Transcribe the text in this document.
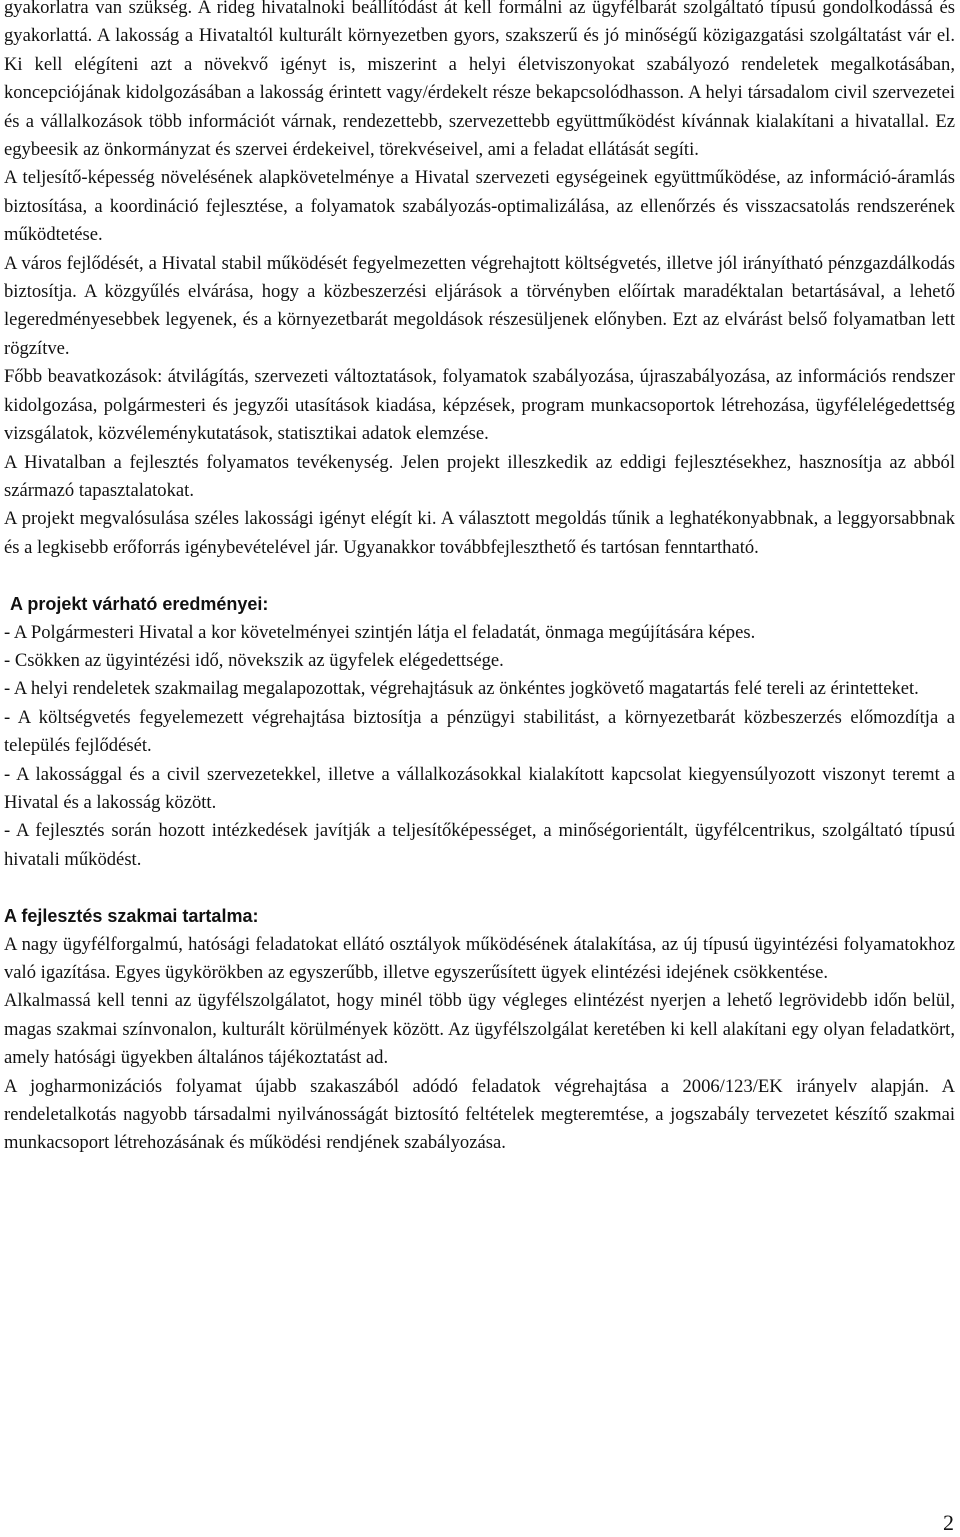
gyakorlatra van szükség. A rideg hivatalnoki beállítódást át kell formálni az ügyfélbarát szolgáltató típusú gondolkodássá és gyakorlattá. A lakosság a Hivataltól kulturált környezetben gyors, szakszerű és jó minőségű közigazgatási szolgáltatást vár el. Ki kell elégíteni azt a növekvő igényt is, miszerint a helyi életviszonyokat szabályozó rendeletek megalkotásában, koncepciójának kidolgozásában a lakosság érintett vagy/érdekelt része bekapcsolódhasson. A helyi társadalom civil szervezetei és a vállalkozások több információt várnak, rendezettebb, szervezettebb együttműködést kívánnak kialakítani a hivatallal. Ez egybeesik az önkormányzat és szervei érdekeivel, törekvéseivel, ami a feladat ellátását segíti.

A teljesítő-képesség növelésének alapkövetelménye a Hivatal szervezeti egységeinek együttműködése, az információ-áramlás biztosítása, a koordináció fejlesztése, a folyamatok szabályozás-optimalizálása, az ellenőrzés és visszacsatolás rendszerének működtetése.

A város fejlődését, a Hivatal stabil működését fegyelmezetten végrehajtott költségvetés, illetve jól irányítható pénzgazdálkodás biztosítja. A közgyűlés elvárása, hogy a közbeszerzési eljárások a törvényben előírtak maradéktalan betartásával, a lehető legeredményesebbek legyenek, és a környezetbarát megoldások részesüljenek előnyben. Ezt az elvárást belső folyamatban lett rögzítve.

Főbb beavatkozások: átvilágítás, szervezeti változtatások, folyamatok szabályozása, újraszabályozása, az információs rendszer kidolgozása, polgármesteri és jegyzői utasítások kiadása, képzések, program munkacsoportok létrehozása, ügyfélelégedettség vizsgálatok, közvéleménykutatások, statisztikai adatok elemzése.

A Hivatalban a fejlesztés folyamatos tevékenység. Jelen projekt illeszkedik az eddigi fejlesztésekhez, hasznosítja az abból származó tapasztalatokat.

A projekt megvalósulása széles lakossági igényt elégít ki. A választott megoldás tűnik a leghatékonyabbnak, a leggyorsabbnak és a legkisebb erőforrás igénybevételével jár. Ugyanakkor továbbfejleszthető és tartósan fenntartható.

A projekt várható eredményei:

- A Polgármesteri Hivatal a kor követelményei szintjén látja el feladatát, önmaga megújítására képes.

- Csökken az ügyintézési idő, növekszik az ügyfelek elégedettsége.

- A helyi rendeletek szakmailag megalapozottak, végrehajtásuk az önkéntes jogkövető magatartás felé tereli az érintetteket.

- A költségvetés fegyelemezett végrehajtása biztosítja a pénzügyi stabilitást, a környezetbarát közbeszerzés előmozdítja a település fejlődését.

- A lakossággal és a civil szervezetekkel, illetve a vállalkozásokkal kialakított kapcsolat kiegyensúlyozott viszonyt teremt a Hivatal és a lakosság között.

- A fejlesztés során hozott intézkedések javítják a teljesítőképességet, a minőségorientált, ügyfélcentrikus, szolgáltató típusú hivatali működést.

A fejlesztés szakmai tartalma:

A nagy ügyfélforgalmú, hatósági feladatokat ellátó osztályok működésének átalakítása, az új típusú ügyintézési folyamatokhoz való igazítása. Egyes ügykörökben az egyszerűbb, illetve egyszerűsített ügyek elintézési idejének csökkentése.

Alkalmassá kell tenni az ügyfélszolgálatot, hogy minél több ügy végleges elintézést nyerjen a lehető legrövidebb időn belül, magas szakmai színvonalon, kulturált körülmények között. Az ügyfélszolgálat keretében ki kell alakítani egy olyan feladatkört, amely hatósági ügyekben általános tájékoztatást ad.

A jogharmonizációs folyamat újabb szakaszából adódó feladatok végrehajtása a 2006/123/EK irányelv alapján. A rendeletalkotás nagyobb társadalmi nyilvánosságát biztosító feltételek megteremtése, a jogszabály tervezetet készítő szakmai munkacsoport létrehozásának és működési rendjének szabályozása.

2
